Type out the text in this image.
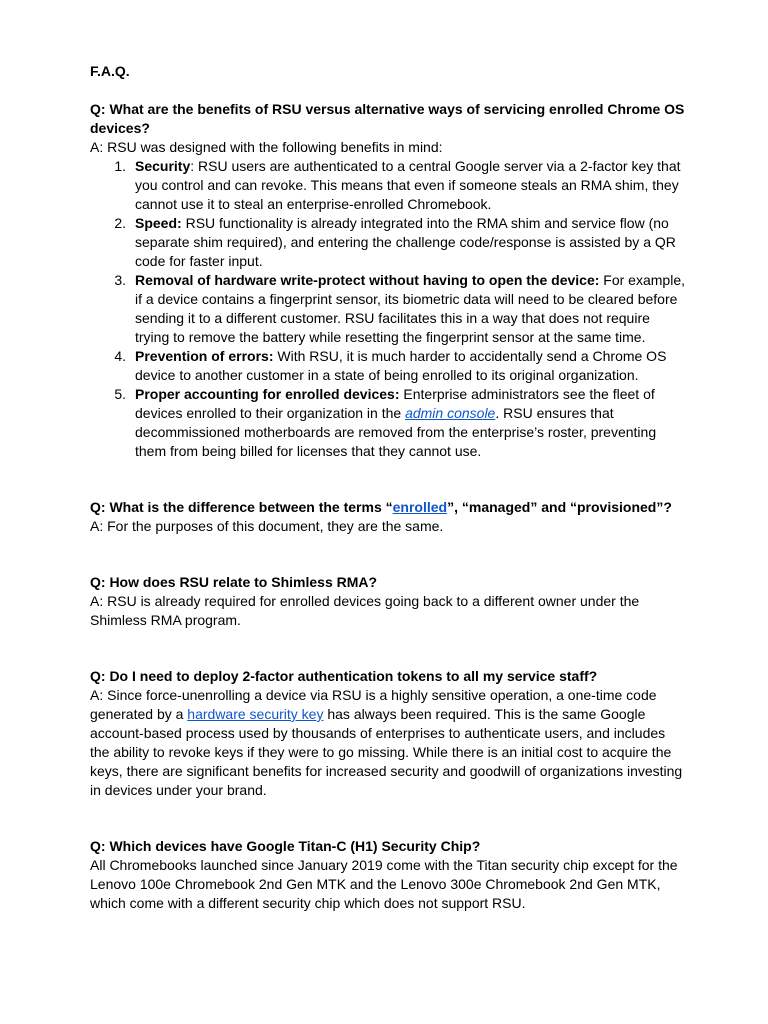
F.A.Q.

Q: What are the benefits of RSU versus alternative ways of servicing enrolled Chrome OS devices?

A: RSU was designed with the following benefits in mind:

1. Security: RSU users are authenticated to a central Google server via a 2-factor key that you control and can revoke. This means that even if someone steals an RMA shim, they cannot use it to steal an enterprise-enrolled Chromebook.
2. Speed: RSU functionality is already integrated into the RMA shim and service flow (no separate shim required), and entering the challenge code/response is assisted by a QR code for faster input.
3. Removal of hardware write-protect without having to open the device: For example, if a device contains a fingerprint sensor, its biometric data will need to be cleared before sending it to a different customer. RSU facilitates this in a way that does not require trying to remove the battery while resetting the fingerprint sensor at the same time.
4. Prevention of errors: With RSU, it is much harder to accidentally send a Chrome OS device to another customer in a state of being enrolled to its original organization.
5. Proper accounting for enrolled devices: Enterprise administrators see the fleet of devices enrolled to their organization in the admin console. RSU ensures that decommissioned motherboards are removed from the enterprise’s roster, preventing them from being billed for licenses that they cannot use.

Q: What is the difference between the terms “enrolled”, “managed” and “provisioned”?

A: For the purposes of this document, they are the same.

Q: How does RSU relate to Shimless RMA?

A: RSU is already required for enrolled devices going back to a different owner under the Shimless RMA program.

Q: Do I need to deploy 2-factor authentication tokens to all my service staff?

A: Since force-unenrolling a device via RSU is a highly sensitive operation, a one-time code generated by a hardware security key has always been required. This is the same Google account-based process used by thousands of enterprises to authenticate users, and includes the ability to revoke keys if they were to go missing. While there is an initial cost to acquire the keys, there are significant benefits for increased security and goodwill of organizations investing in devices under your brand.

Q: Which devices have Google Titan-C (H1) Security Chip?

All Chromebooks launched since January 2019 come with the Titan security chip except for the Lenovo 100e Chromebook 2nd Gen MTK and the Lenovo 300e Chromebook 2nd Gen MTK, which come with a different security chip which does not support RSU.
